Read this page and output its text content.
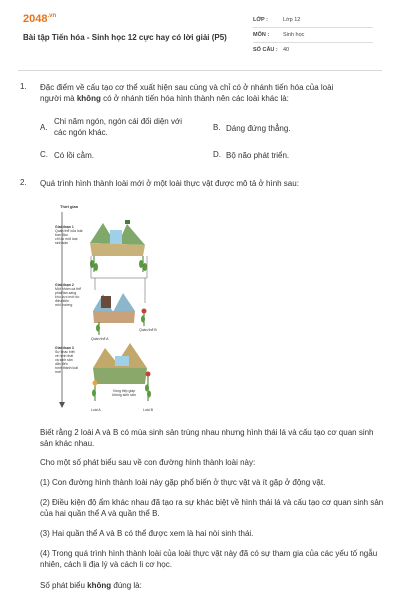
$2048^{.vn}$
Bài tập Tiến hóa - Sinh học 12 cực hay có lời giải (P5)
LỚP :	Lớp 12
MÔN :	Sinh học
SỐ CÂU : 40
1. Đặc điểm về cấu tạo cơ thể xuất hiện sau cùng và chỉ có ở nhánh tiến hóa của loài
người mà không có ở nhánh tiến hóa hình thành nên các loài khác là:
A.
Chi năm ngón, ngón cái đối diện với
các ngón khác.
B. Dáng đứng thẳng.
C. Có lồi cằm.	D. Bộ não phát triển.
2. Quá trình hình thành loài mới ở một loài thực vật được mô tả ở hình sau:
Thời gian
Giai đoạn 1
Quần thể của loài ban đầu
chỉ có một loại
sinh sản
Giai đoạn 2
Một nhóm cá thể
phát tán sang
khu vực mới do
điều kiện
môi trường
Giai đoạn 3
Sự khác biệt
về hình thái
và sinh sản
dẫn đến
hình thành loài mới
Quần thể A
Quần thể B
Vùng tiếp giáp
không sinh sản
Loài A	Loài B
Biết rằng 2 loài A và B có mùa sinh sản trùng nhau nhưng hình thái lá và cấu tạo cơ quan sinh sản khác nhau.
Cho một số phát biểu sau về con đường hình thành loài này:
(1) Con đường hình thành loài này gặp phổ biến ở thực vật và ít gặp ở động vật.
(2) Điều kiện độ ẩm khác nhau đã tạo ra sự khác biệt về hình thái lá và cấu tạo cơ quan sinh sản của hai quần thể A và quần thể B.
(3) Hai quần thể A và B có thể được xem là hai nòi sinh thái.
(4) Trong quá trình hình thành loài của loài thực vật này đã có sự tham gia của các yếu tố ngẫu nhiên, cách li địa lý và cách li cơ học.
Số phát biểu không đúng là:
